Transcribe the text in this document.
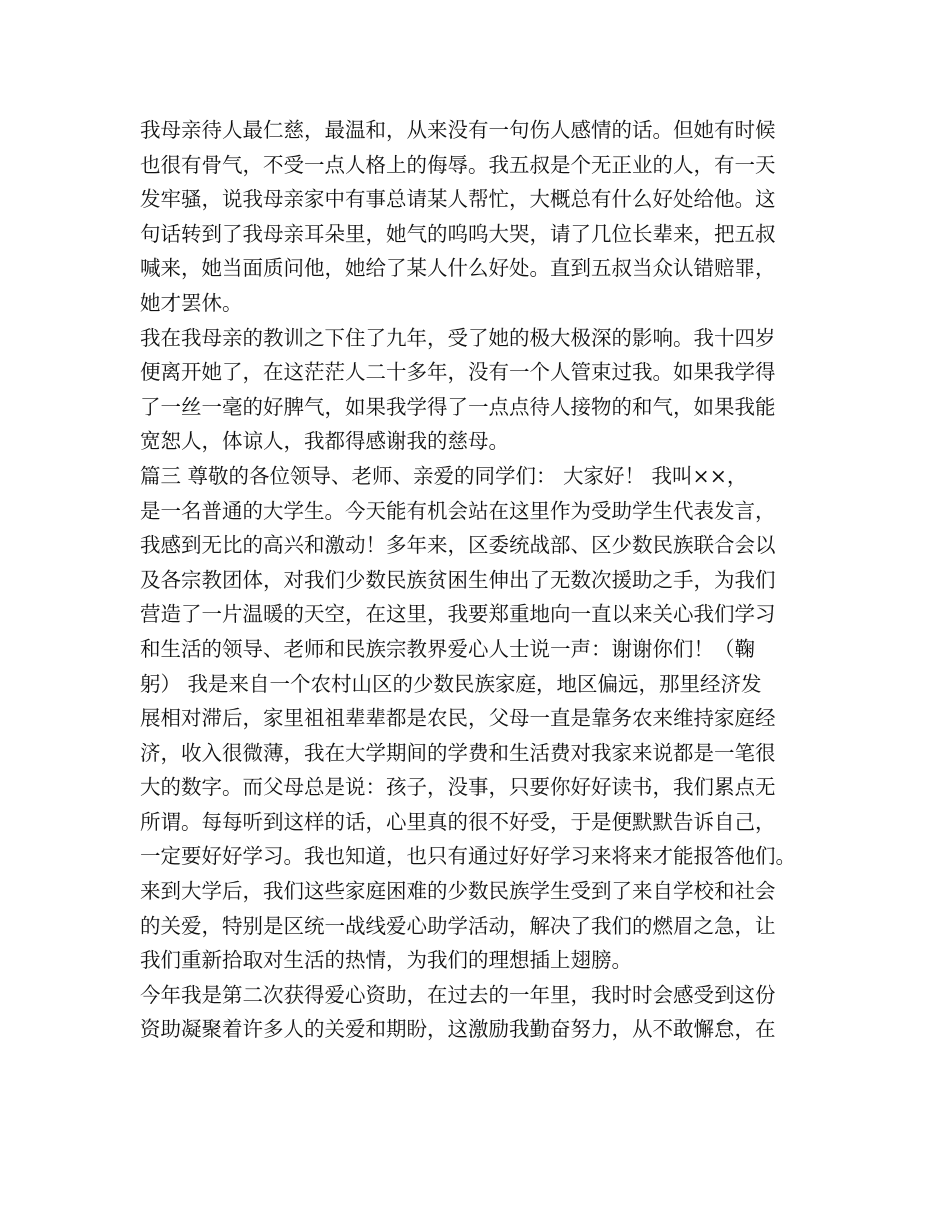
我母亲待人最仁慈，最温和，从来没有一句伤人感情的话。但她有时候
也很有骨气，不受一点人格上的侮辱。我五叔是个无正业的人，有一天
发牢骚，说我母亲家中有事总请某人帮忙，大概总有什么好处给他。这
句话转到了我母亲耳朵里，她气的呜呜大哭，请了几位长辈来，把五叔
喊来，她当面质问他，她给了某人什么好处。直到五叔当众认错赔罪，
她才罢休。
我在我母亲的教训之下住了九年，受了她的极大极深的影响。我十四岁
便离开她了，在这茫茫人二十多年，没有一个人管束过我。如果我学得
了一丝一毫的好脾气，如果我学得了一点点待人接物的和气，如果我能
宽恕人，体谅人，我都得感谢我的慈母。
篇三 尊敬的各位领导、老师、亲爱的同学们： 大家好！ 我叫××，
是一名普通的大学生。今天能有机会站在这里作为受助学生代表发言，
我感到无比的高兴和激动！多年来，区委统战部、区少数民族联合会以
及各宗教团体，对我们少数民族贫困生伸出了无数次援助之手，为我们
营造了一片温暖的天空，在这里，我要郑重地向一直以来关心我们学习
和生活的领导、老师和民族宗教界爱心人士说一声：谢谢你们！（鞠
躬） 我是来自一个农村山区的少数民族家庭，地区偏远，那里经济发
展相对滞后，家里祖祖辈辈都是农民，父母一直是靠务农来维持家庭经
济，收入很微薄，我在大学期间的学费和生活费对我家来说都是一笔很
大的数字。而父母总是说：孩子，没事，只要你好好读书，我们累点无
所谓。每每听到这样的话，心里真的很不好受，于是便默默告诉自己，
一定要好好学习。我也知道，也只有通过好好学习来将来才能报答他们。
来到大学后，我们这些家庭困难的少数民族学生受到了来自学校和社会
的关爱，特别是区统一战线爱心助学活动，解决了我们的燃眉之急，让
我们重新拾取对生活的热情，为我们的理想插上翅膀。
今年我是第二次获得爱心资助，在过去的一年里，我时时会感受到这份
资助凝聚着许多人的关爱和期盼，这激励我勤奋努力，从不敢懈怠，在
